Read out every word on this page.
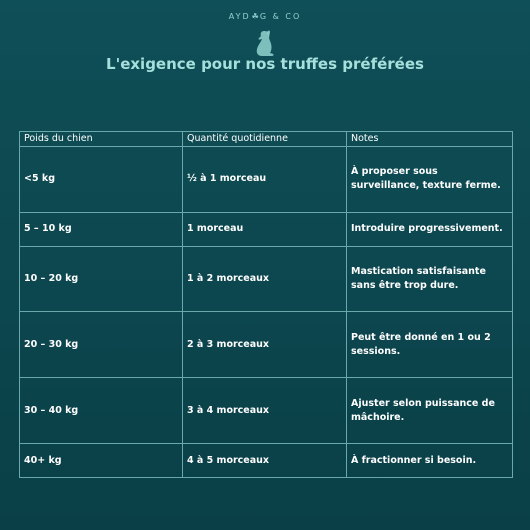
AYD☘G & CO
L'exigence pour nos truffes préférées
Poids du chien	Quantité quotidienne	Notes
<5 kg	½ à 1 morceau	À proposer sous surveillance, texture ferme.
5 – 10 kg	1 morceau	Introduire progressivement.
10 – 20 kg	1 à 2 morceaux	Mastication satisfaisante sans être trop dure.
20 – 30 kg	2 à 3 morceaux	Peut être donné en 1 ou 2 sessions.
30 – 40 kg	3 à 4 morceaux	Ajuster selon puissance de mâchoire.
40+ kg	4 à 5 morceaux	À fractionner si besoin.
